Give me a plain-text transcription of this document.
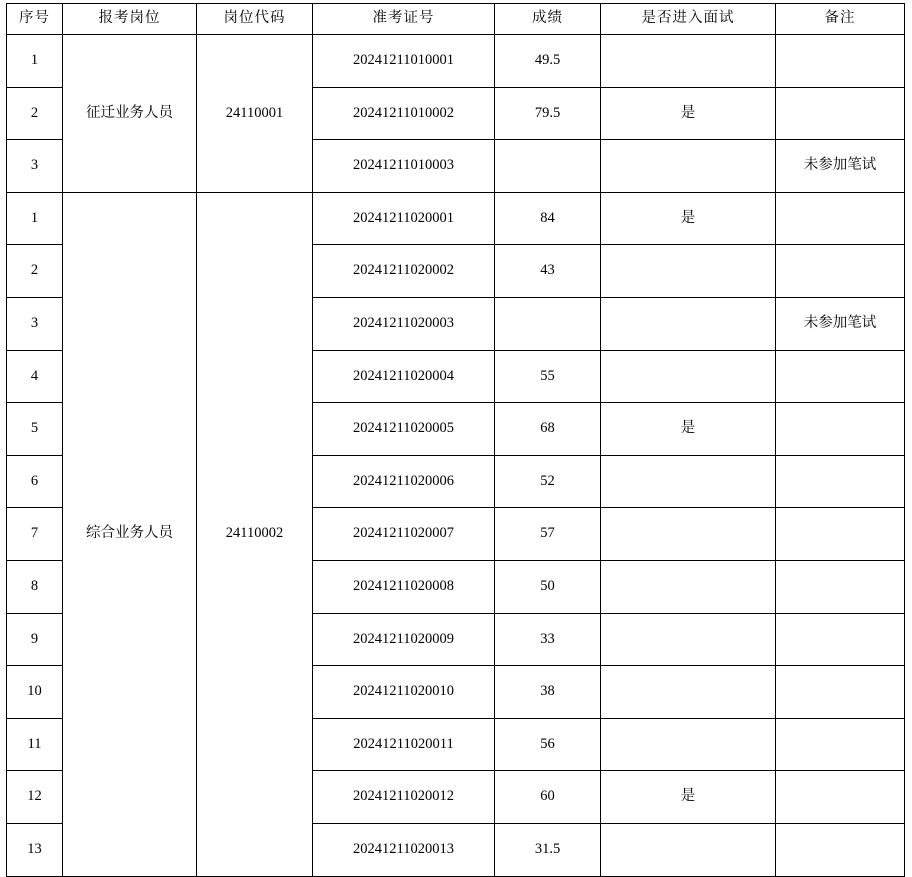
序号	报考岗位	岗位代码	准考证号	成绩	是否进入面试	备注
1	征迁业务人员	24110001	20241211010001	49.5		
2			20241211010002	79.5	是	
3			20241211010003			未参加笔试
1	综合业务人员	24110002	20241211020001	84	是	
2			20241211020002	43		
3			20241211020003			未参加笔试
4			20241211020004	55		
5			20241211020005	68	是	
6			20241211020006	52		
7			20241211020007	57		
8			20241211020008	50		
9			20241211020009	33		
10			20241211020010	38		
11			20241211020011	56		
12			20241211020012	60	是	
13			20241211020013	31.5		
